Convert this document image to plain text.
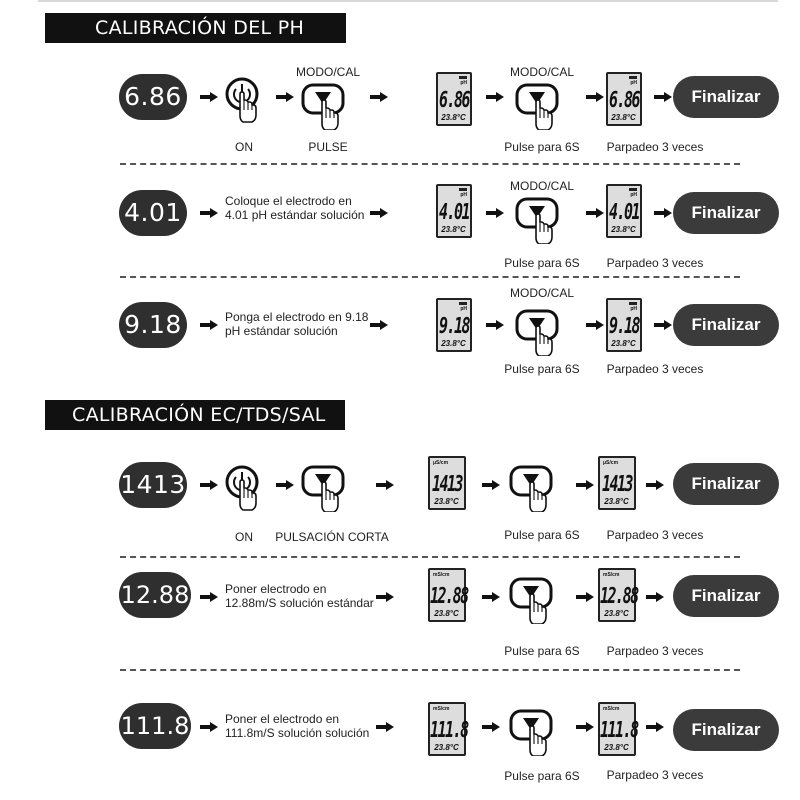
CALIBRACIÓN DEL PH
6.86
MODO/CAL
PULSE
ON
pH
6.86
23.8°C
MODO/CAL
Pulse para 6S
pH
6.86
23.8°C
Parpadeo 3 veces
Finalizar
4.01	Coloque el electrodo en 4.01 pH estándar solución
pH
4.01
23.8°C
MODO/CAL
Pulse para 6S
pH
4.01
23.8°C
Parpadeo 3 veces
Finalizar
9.18	Ponga el electrodo en 9.18 pH estándar solución
pH
9.18
23.8°C
MODO/CAL
Pulse para 6S
pH
9.18
23.8°C
Parpadeo 3 veces
Finalizar
CALIBRACIÓN EC/TDS/SAL
1413
ON	PULSACIÓN CORTA
μS/cm
1413
23.8°C
Pulse para 6S
μS/cm
1413
23.8°C
Parpadeo 3 veces
Finalizar
12.88	Poner electrodo en 12.88m/S solución estándar
mS/cm
12.88
23.8°C
Pulse para 6S
mS/cm
12.88
23.8°C
Parpadeo 3 veces
Finalizar
111.8	Poner el electrodo en 111.8m/S solución solución
mS/cm
111.8
23.8°C
Pulse para 6S
mS/cm
111.8
23.8°C
Parpadeo 3 veces
Finalizar
